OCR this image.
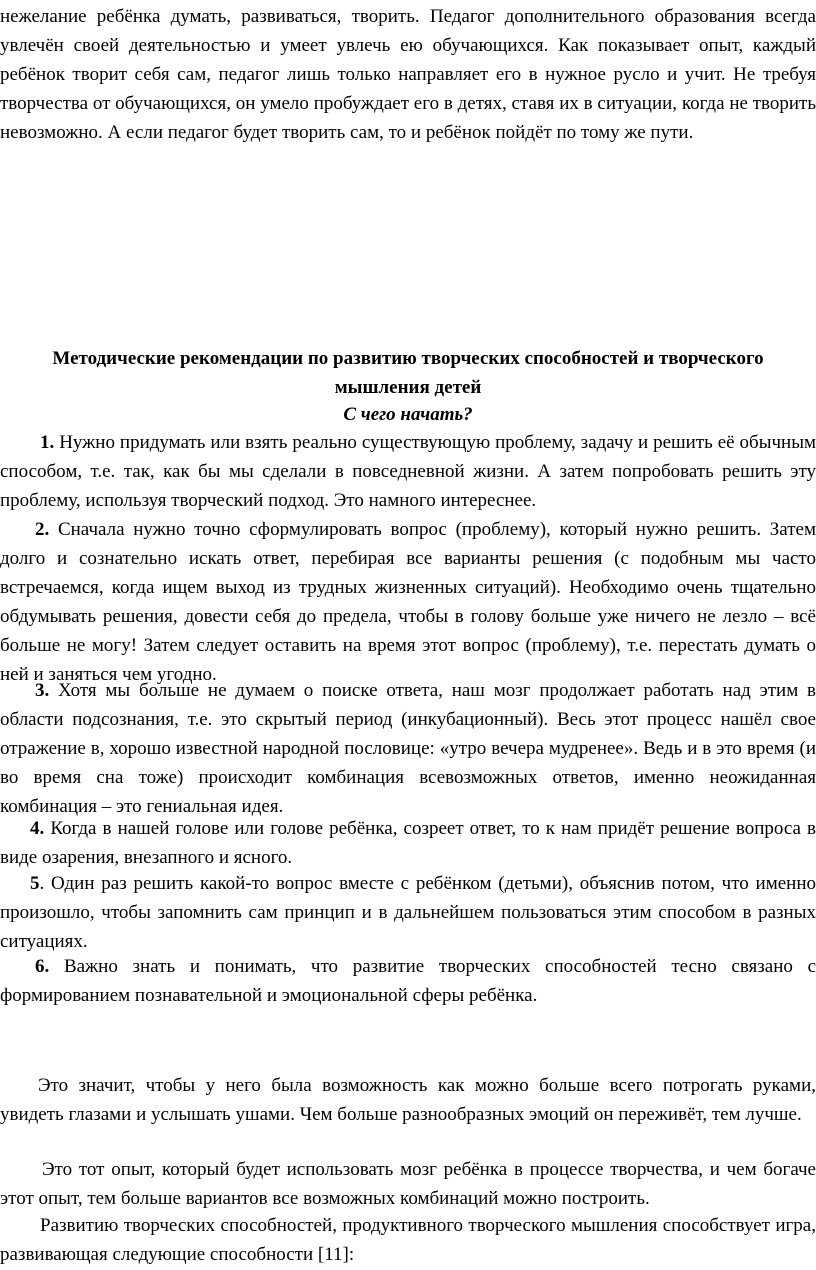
нежелание ребёнка думать, развиваться, творить. Педагог дополнительного образования всегда увлечён своей деятельностью и умеет увлечь ею обучающихся. Как показывает опыт, каждый ребёнок творит себя сам, педагог лишь только направляет его в нужное русло и учит. Не требуя творчества от обучающихся, он умело пробуждает его в детях, ставя их в ситуации, когда не творить невозможно. А если педагог будет творить сам, то и ребёнок пойдёт по тому же пути.

Методические рекомендации по развитию творческих способностей и творческого
мышления детей
С чего начать?

1. Нужно придумать или взять реально существующую проблему, задачу и решить её обычным способом, т.е. так, как бы мы сделали в повседневной жизни. А затем попробовать решить эту проблему, используя творческий подход. Это намного интереснее.

2. Сначала нужно точно сформулировать вопрос (проблему), который нужно решить. Затем долго и сознательно искать ответ, перебирая все варианты решения (с подобным мы часто встречаемся, когда ищем выход из трудных жизненных ситуаций). Необходимо очень тщательно обдумывать решения, довести себя до предела, чтобы в голову больше уже ничего не лезло – всё больше не могу! Затем следует оставить на время этот вопрос (проблему), т.е. перестать думать о ней и заняться чем угодно.

3. Хотя мы больше не думаем о поиске ответа, наш мозг продолжает работать над этим в области подсознания, т.е. это скрытый период (инкубационный). Весь этот процесс нашёл свое отражение в, хорошо известной народной пословице: «утро вечера мудренее». Ведь и в это время (и во время сна тоже) происходит комбинация всевозможных ответов, именно неожиданная комбинация – это гениальная идея.

4. Когда в нашей голове или голове ребёнка, созреет ответ, то к нам придёт решение вопроса в виде озарения, внезапного и ясного.

5. Один раз решить какой-то вопрос вместе с ребёнком (детьми), объяснив потом, что именно произошло, чтобы запомнить сам принцип и в дальнейшем пользоваться этим способом в разных ситуациях.

6. Важно знать и понимать, что развитие творческих способностей тесно связано с формированием познавательной и эмоциональной сферы ребёнка.

Это значит, чтобы у него была возможность как можно больше всего потрогать руками, увидеть глазами и услышать ушами. Чем больше разнообразных эмоций он переживёт, тем лучше.

Это тот опыт, который будет использовать мозг ребёнка в процессе творчества, и чем богаче этот опыт, тем больше вариантов все возможных комбинаций можно построить.

Развитию творческих способностей, продуктивного творческого мышления способствует игра, развивающая следующие способности [11]:
